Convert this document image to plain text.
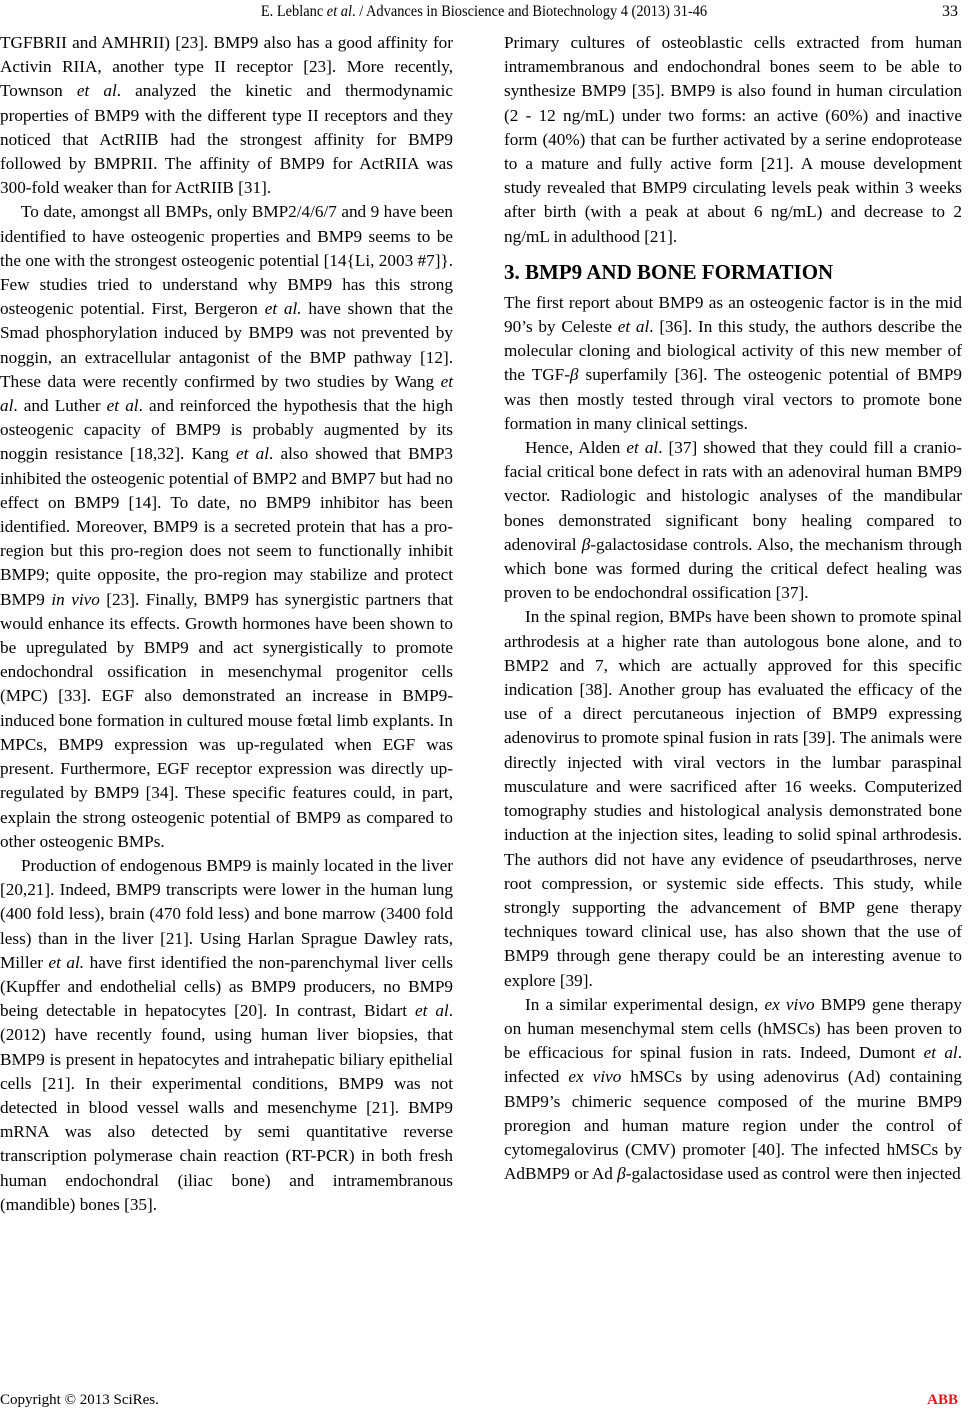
E. Leblanc et al. / Advances in Bioscience and Biotechnology 4 (2013) 31-46	33

TGFBRII and AMHRII) [23]. BMP9 also has a good affinity for Activin RIIA, another type II receptor [23]. More recently, Townson et al. analyzed the kinetic and thermodynamic properties of BMP9 with the different type II receptors and they noticed that ActRIIB had the strongest affinity for BMP9 followed by BMPRII. The affinity of BMP9 for ActRIIA was 300-fold weaker than for ActRIIB [31].

To date, amongst all BMPs, only BMP2/4/6/7 and 9 have been identified to have osteogenic properties and BMP9 seems to be the one with the strongest osteogenic potential [14{Li, 2003 #7]}. Few studies tried to understand why BMP9 has this strong osteogenic potential. First, Bergeron et al. have shown that the Smad phosphorylation induced by BMP9 was not prevented by noggin, an extracellular antagonist of the BMP pathway [12]. These data were recently confirmed by two studies by Wang et al. and Luther et al. and reinforced the hypothesis that the high osteogenic capacity of BMP9 is probably augmented by its noggin resistance [18,32]. Kang et al. also showed that BMP3 inhibited the osteogenic potential of BMP2 and BMP7 but had no effect on BMP9 [14]. To date, no BMP9 inhibitor has been identified. Moreover, BMP9 is a secreted protein that has a pro-region but this pro-region does not seem to functionally inhibit BMP9; quite opposite, the pro-region may stabilize and protect BMP9 in vivo [23]. Finally, BMP9 has synergistic partners that would enhance its effects. Growth hormones have been shown to be upregulated by BMP9 and act synergistically to promote endochondral ossification in mesenchymal progenitor cells (MPC) [33]. EGF also demonstrated an increase in BMP9-induced bone formation in cultured mouse fœtal limb explants. In MPCs, BMP9 expression was up-regulated when EGF was present. Furthermore, EGF receptor expression was directly up-regulated by BMP9 [34]. These specific features could, in part, explain the strong osteogenic potential of BMP9 as compared to other osteogenic BMPs.

Production of endogenous BMP9 is mainly located in the liver [20,21]. Indeed, BMP9 transcripts were lower in the human lung (400 fold less), brain (470 fold less) and bone marrow (3400 fold less) than in the liver [21]. Using Harlan Sprague Dawley rats, Miller et al. have first identified the non-parenchymal liver cells (Kupffer and endothelial cells) as BMP9 producers, no BMP9 being detectable in hepatocytes [20]. In contrast, Bidart et al. (2012) have recently found, using human liver biopsies, that BMP9 is present in hepatocytes and intrahepatic biliary epithelial cells [21]. In their experimental conditions, BMP9 was not detected in blood vessel walls and mesenchyme [21]. BMP9 mRNA was also detected by semi quantitative reverse transcription polymerase chain reaction (RT-PCR) in both fresh human endochondral (iliac bone) and intramembranous (mandible) bones [35].

Primary cultures of osteoblastic cells extracted from human intramembranous and endochondral bones seem to be able to synthesize BMP9 [35]. BMP9 is also found in human circulation (2 - 12 ng/mL) under two forms: an active (60%) and inactive form (40%) that can be further activated by a serine endoprotease to a mature and fully active form [21]. A mouse development study revealed that BMP9 circulating levels peak within 3 weeks after birth (with a peak at about 6 ng/mL) and decrease to 2 ng/mL in adulthood [21].

3. BMP9 AND BONE FORMATION

The first report about BMP9 as an osteogenic factor is in the mid 90’s by Celeste et al. [36]. In this study, the authors describe the molecular cloning and biological activity of this new member of the TGF-β superfamily [36]. The osteogenic potential of BMP9 was then mostly tested through viral vectors to promote bone formation in many clinical settings.

Hence, Alden et al. [37] showed that they could fill a cranio-facial critical bone defect in rats with an adenoviral human BMP9 vector. Radiologic and histologic analyses of the mandibular bones demonstrated significant bony healing compared to adenoviral β-galactosidase controls. Also, the mechanism through which bone was formed during the critical defect healing was proven to be endochondral ossification [37].

In the spinal region, BMPs have been shown to promote spinal arthrodesis at a higher rate than autologous bone alone, and to BMP2 and 7, which are actually approved for this specific indication [38]. Another group has evaluated the efficacy of the use of a direct percutaneous injection of BMP9 expressing adenovirus to promote spinal fusion in rats [39]. The animals were directly injected with viral vectors in the lumbar paraspinal musculature and were sacrificed after 16 weeks. Computerized tomography studies and histological analysis demonstrated bone induction at the injection sites, leading to solid spinal arthrodesis. The authors did not have any evidence of pseudarthroses, nerve root compression, or systemic side effects. This study, while strongly supporting the advancement of BMP gene therapy techniques toward clinical use, has also shown that the use of BMP9 through gene therapy could be an interesting avenue to explore [39].

In a similar experimental design, ex vivo BMP9 gene therapy on human mesenchymal stem cells (hMSCs) has been proven to be efficacious for spinal fusion in rats. Indeed, Dumont et al. infected ex vivo hMSCs by using adenovirus (Ad) containing BMP9’s chimeric sequence composed of the murine BMP9 proregion and human mature region under the control of cytomegalovirus (CMV) promoter [40]. The infected hMSCs by AdBMP9 or Ad β-galactosidase used as control were then injected

Copyright © 2013 SciRes.	ABB
